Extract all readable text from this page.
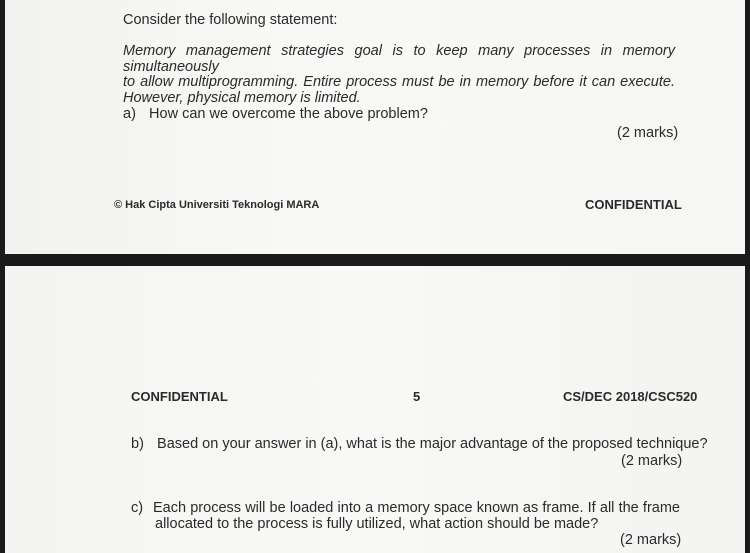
Consider the following statement:
Memory management strategies goal is to keep many processes in memory simultaneously
to allow multiprogramming. Entire process must be in memory before it can execute.
However, physical memory is limited.
a) How can we overcome the above problem?
(2 marks)
© Hak Cipta Universiti Teknologi MARA	CONFIDENTIAL
CONFIDENTIAL	5	CS/DEC 2018/CSC520
b) Based on your answer in (a), what is the major advantage of the proposed technique?
(2 marks)
c) Each process will be loaded into a memory space known as frame. If all the frame
allocated to the process is fully utilized, what action should be made?
(2 marks)
